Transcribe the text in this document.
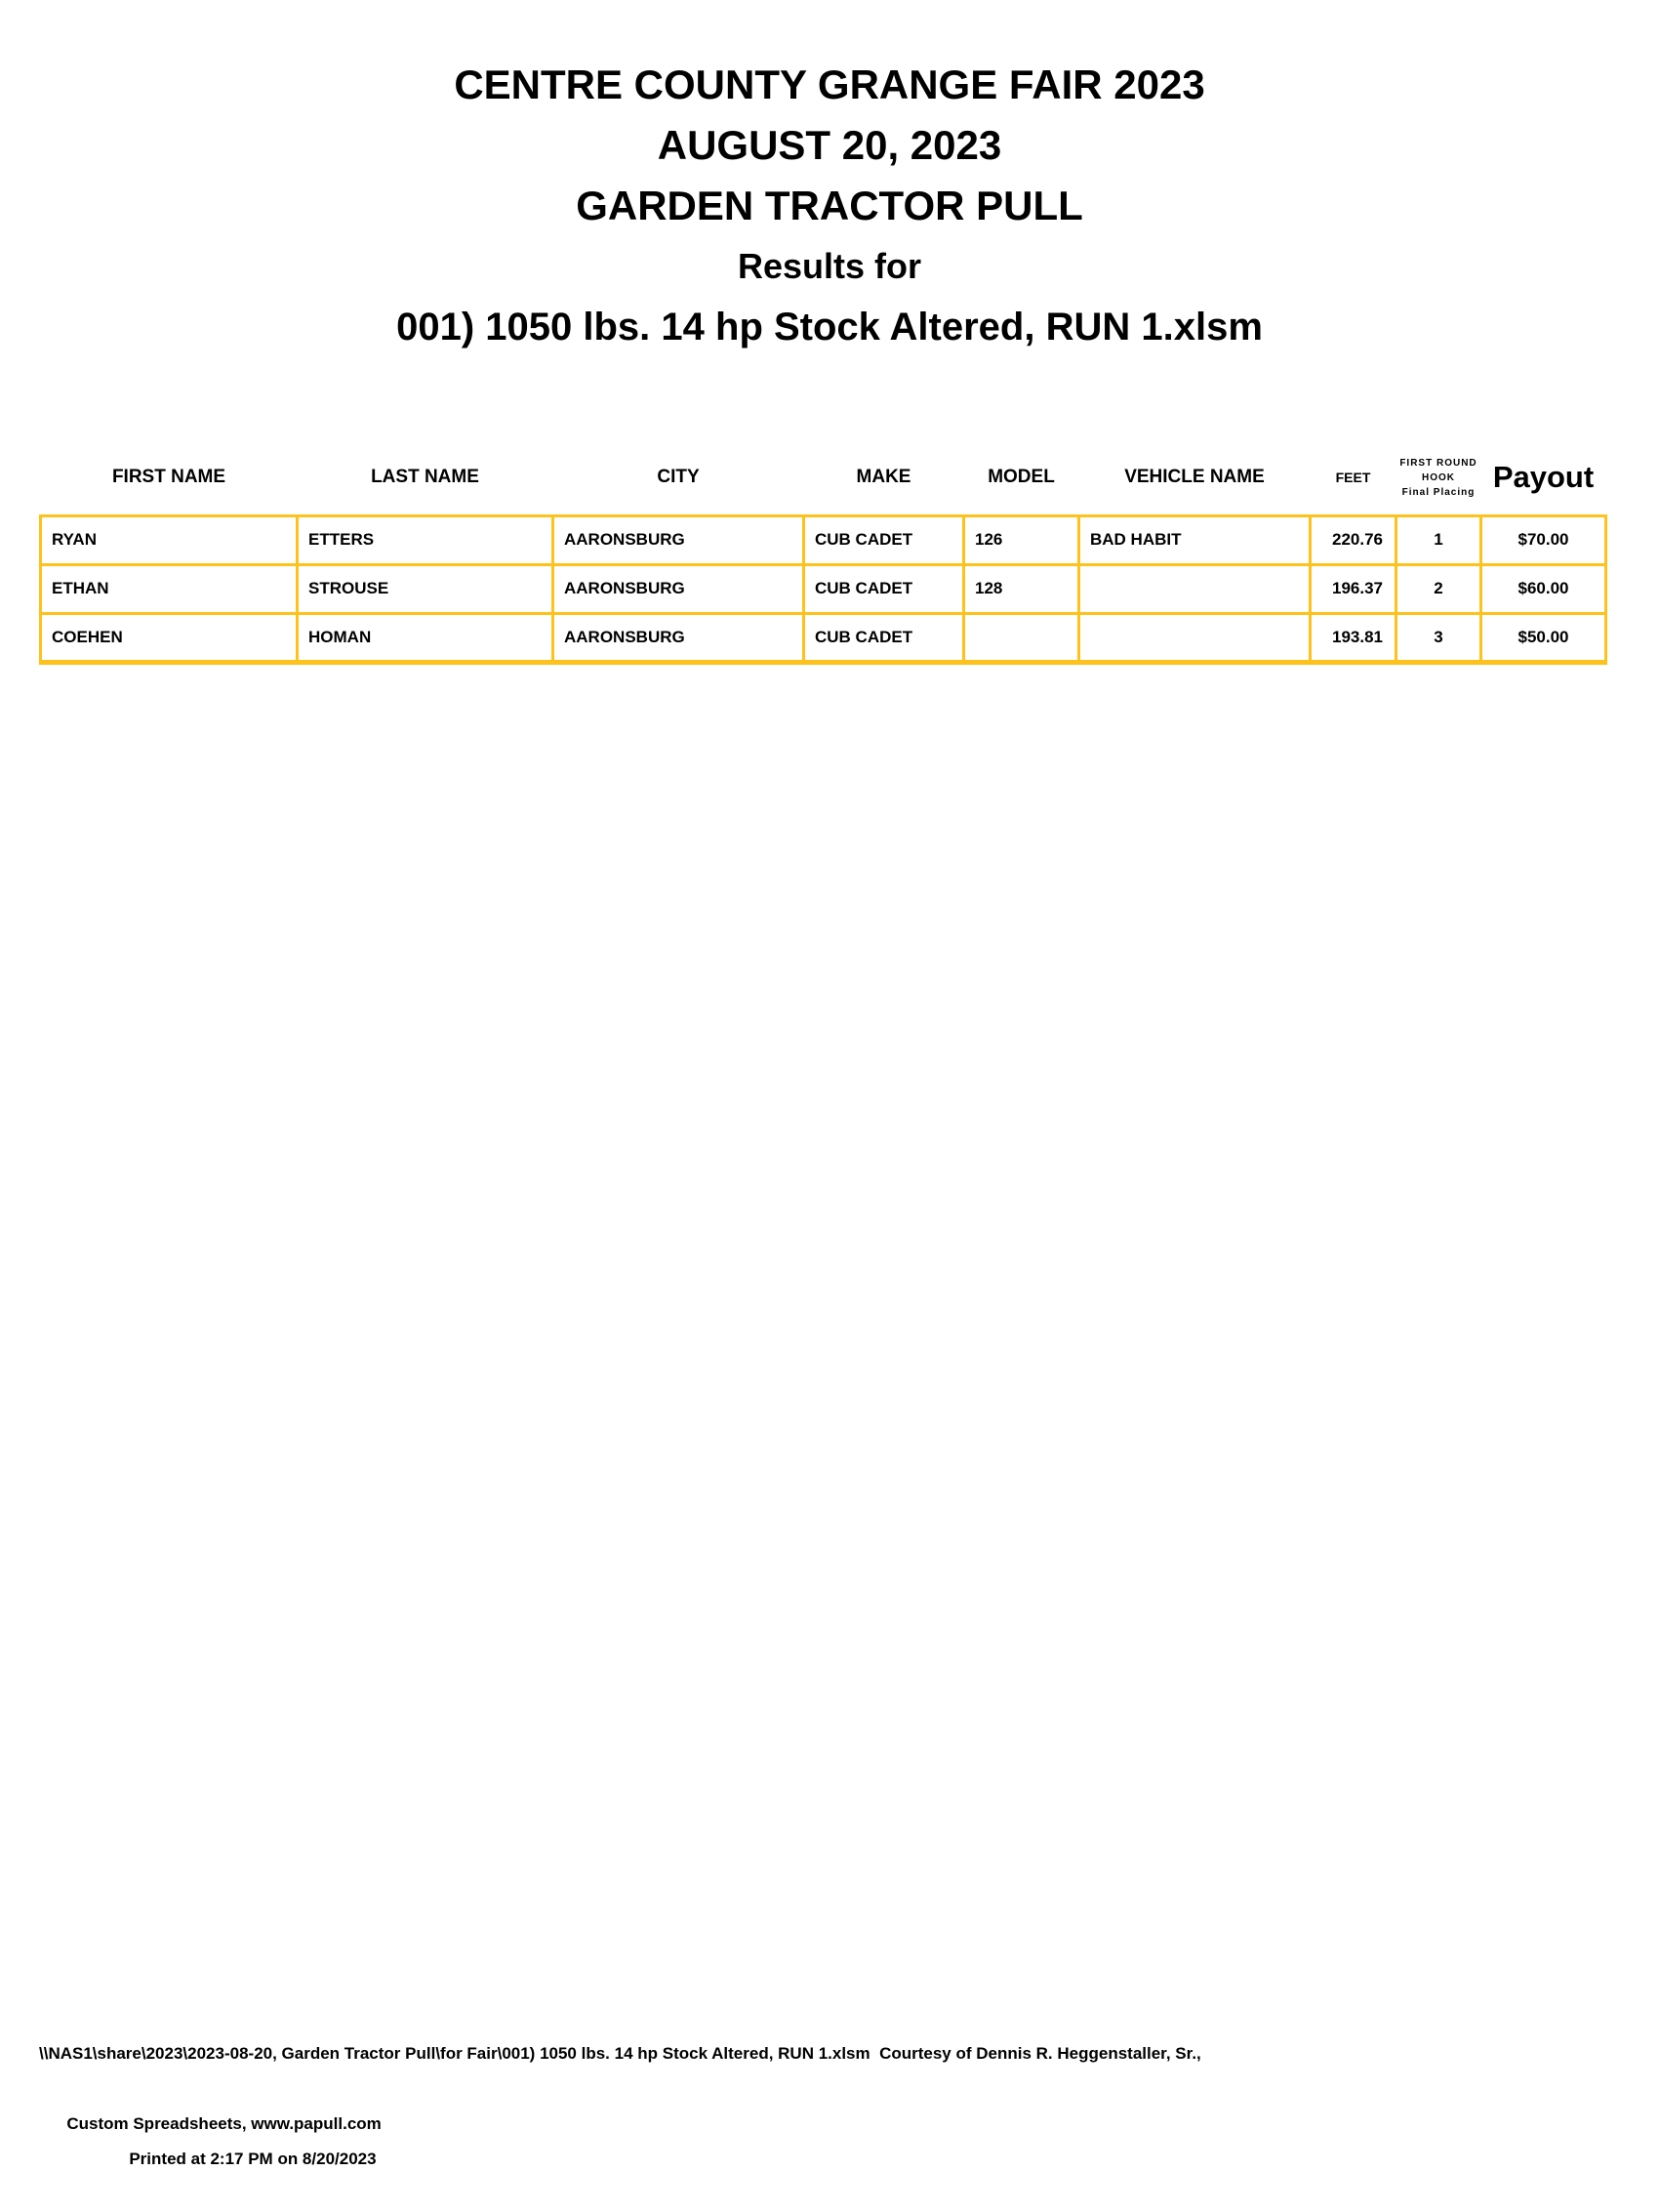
CENTRE COUNTY GRANGE FAIR 2023
AUGUST 20, 2023
GARDEN TRACTOR PULL
Results for
001) 1050 lbs. 14 hp Stock Altered, RUN 1.xlsm
FIRST NAME	LAST NAME	CITY	MAKE	MODEL	VEHICLE NAME	FEET	FIRST ROUND
HOOK
Final Placing	Payout
RYAN	ETTERS	AARONSBURG	CUB CADET	126	BAD HABIT	220.76	1	$70.00
ETHAN	STROUSE	AARONSBURG	CUB CADET	128		196.37	2	$60.00
COEHEN	HOMAN	AARONSBURG	CUB CADET			193.81	3	$50.00
\\NAS1\share\2023\2023-08-20, Garden Tractor Pull\for Fair\001) 1050 lbs. 14 hp Stock Altered, RUN 1.xlsm  Courtesy of Dennis R. Heggenstaller, Sr.,

Custom Spreadsheets, www.papull.com
Printed at 2:17 PM on 8/20/2023
